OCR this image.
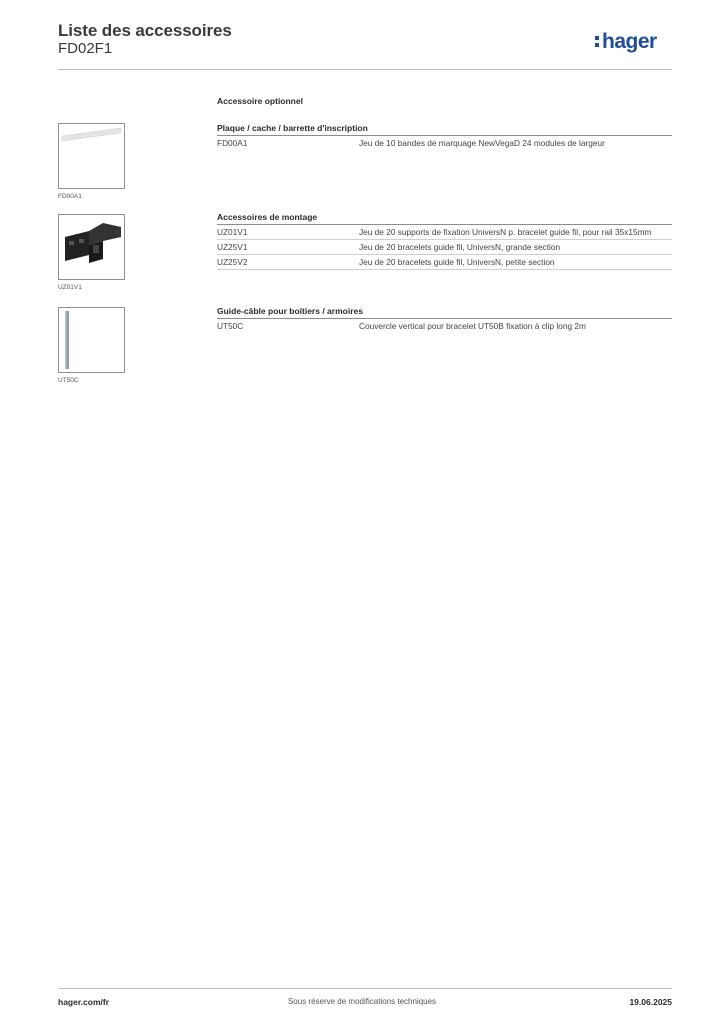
Liste des accessoires
FD02F1	hager
Accessoire optionnel
FD00A1
UZ01V1
UT50C
Plaque / cache / barrette d'inscription
FD00A1	Jeu de 10 bandes de marquage NewVegaD 24 modules de largeur
Accessoires de montage
UZ01V1	Jeu de 20 supports de fixation UniversN p. bracelet guide fil, pour rail 35x15mm
UZ25V1	Jeu de 20 bracelets guide fil, UniversN, grande section
UZ25V2	Jeu de 20 bracelets guide fil, UniversN, petite section
Guide-câble pour boîtiers / armoires
UT50C	Couvercle vertical pour bracelet UT50B fixation à clip long 2m
hager.com/fr	Sous réserve de modifications techniques	19.06.2025
